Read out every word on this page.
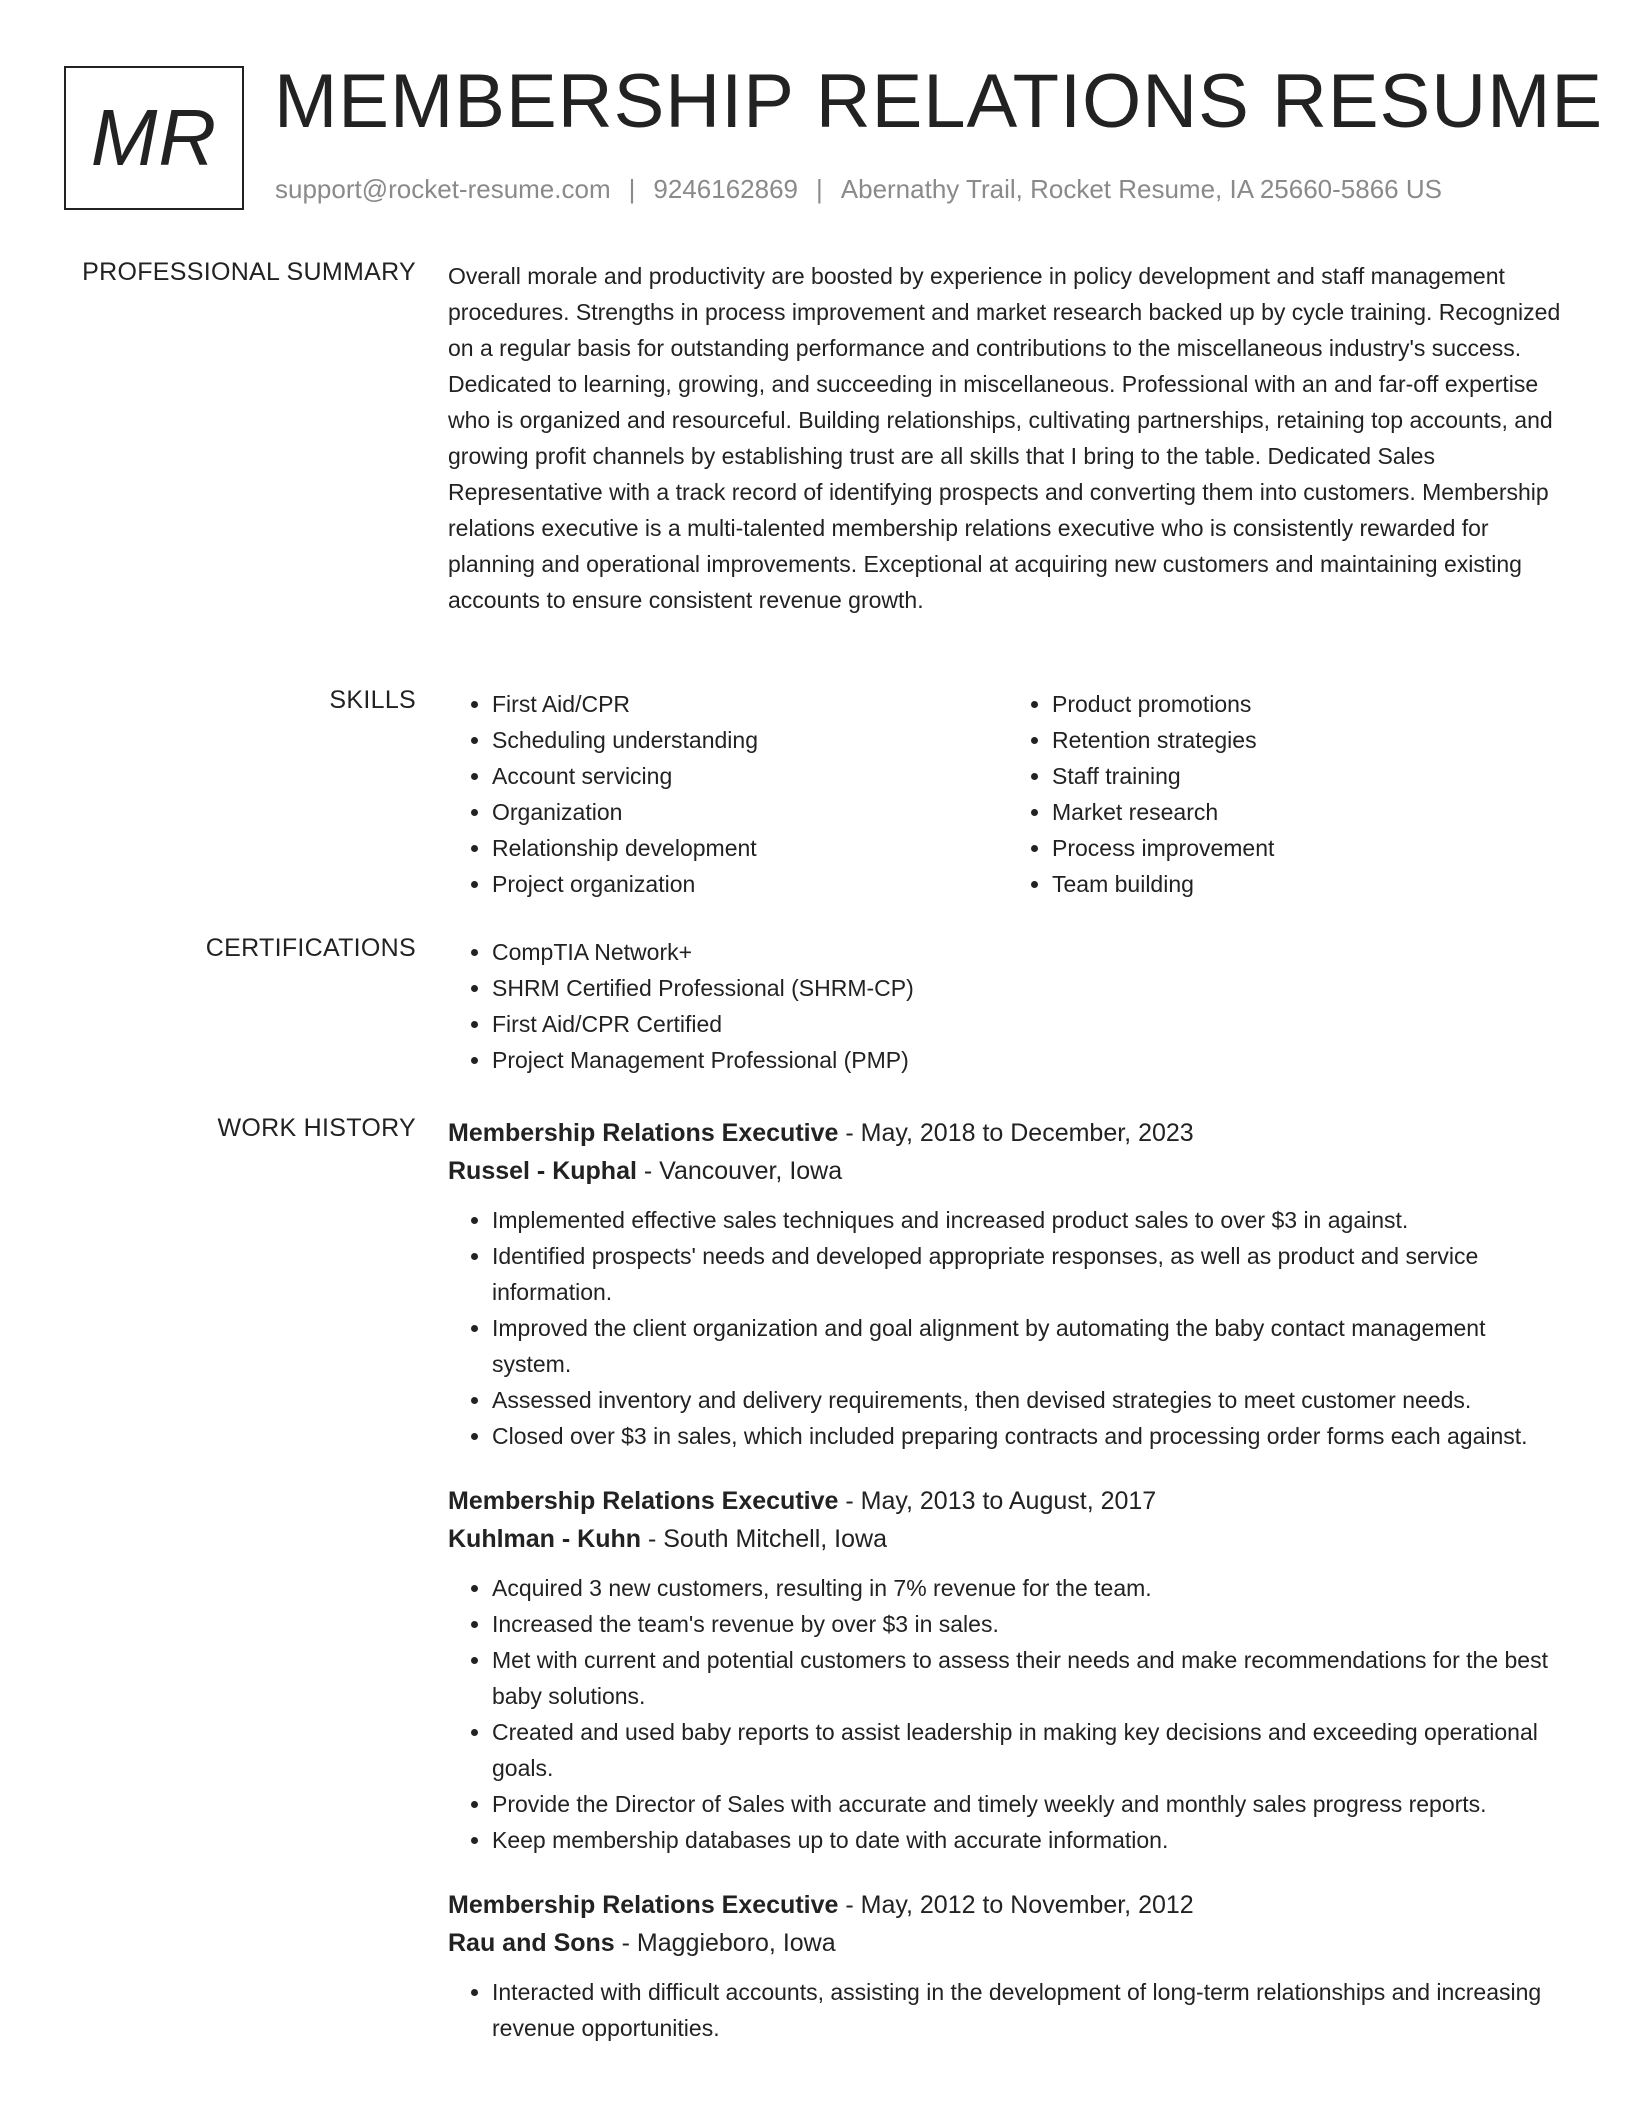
MR MEMBERSHIP RELATIONS RESUME
support@rocket-resume.com | 9246162869 | Abernathy Trail, Rocket Resume, IA 25660-5866 US
PROFESSIONAL SUMMARY Overall morale and productivity are boosted by experience in policy development and staff management procedures. Strengths in process improvement and market research backed up by cycle training. Recognized on a regular basis for outstanding performance and contributions to the miscellaneous industry's success. Dedicated to learning, growing, and succeeding in miscellaneous. Professional with an and far-off expertise who is organized and resourceful. Building relationships, cultivating partnerships, retaining top accounts, and growing profit channels by establishing trust are all skills that I bring to the table. Dedicated Sales Representative with a track record of identifying prospects and converting them into customers. Membership relations executive is a multi-talented membership relations executive who is consistently rewarded for planning and operational improvements. Exceptional at acquiring new customers and maintaining existing accounts to ensure consistent revenue growth.
SKILLS	• First Aid/CPR
• Scheduling understanding
• Account servicing
• Organization
• Relationship development
• Project organization
• Product promotions
• Retention strategies
• Staff training
• Market research
• Process improvement
• Team building
CERTIFICATIONS	• CompTIA Network+
• SHRM Certified Professional (SHRM-CP)
• First Aid/CPR Certified
• Project Management Professional (PMP)
WORK HISTORY Membership Relations Executive - May, 2018 to December, 2023
Russel - Kuphal - Vancouver, Iowa
• Implemented effective sales techniques and increased product sales to over $3 in against.
• Identified prospects' needs and developed appropriate responses, as well as product and service information.
• Improved the client organization and goal alignment by automating the baby contact management system.
• Assessed inventory and delivery requirements, then devised strategies to meet customer needs.
• Closed over $3 in sales, which included preparing contracts and processing order forms each against.
Membership Relations Executive - May, 2013 to August, 2017
Kuhlman - Kuhn - South Mitchell, Iowa
• Acquired 3 new customers, resulting in 7% revenue for the team.
• Increased the team's revenue by over $3 in sales.
• Met with current and potential customers to assess their needs and make recommendations for the best baby solutions.
• Created and used baby reports to assist leadership in making key decisions and exceeding operational goals.
• Provide the Director of Sales with accurate and timely weekly and monthly sales progress reports.
• Keep membership databases up to date with accurate information.
Membership Relations Executive - May, 2012 to November, 2012
Rau and Sons - Maggieboro, Iowa
• Interacted with difficult accounts, assisting in the development of long-term relationships and increasing revenue opportunities.
